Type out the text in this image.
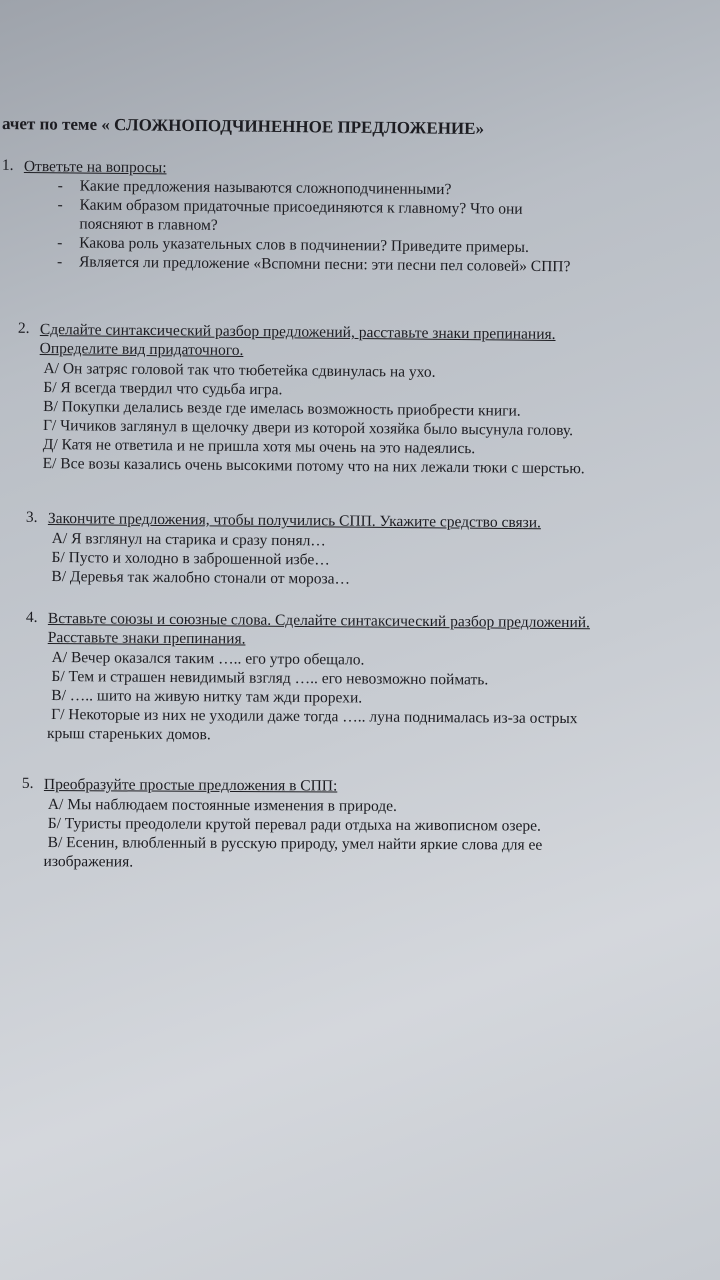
ачет по теме « СЛОЖНОПОДЧИНЕННОЕ ПРЕДЛОЖЕНИЕ»
1. Ответьте на вопросы:
- Какие предложения называются сложноподчиненными?
- Каким образом придаточные присоединяются к главному? Что они
поясняют в главном?
- Какова роль указательных слов в подчинении? Приведите примеры.
- Является ли предложение «Вспомни песни: эти песни пел соловей» СПП?
2. Сделайте синтаксический разбор предложений, расставьте знаки препинания.
Определите вид придаточного.
А/ Он затряс головой так что тюбетейка сдвинулась на ухо.
Б/ Я всегда твердил что судьба игра.
В/ Покупки делались везде где имелась возможность приобрести книги.
Г/ Чичиков заглянул в щелочку двери из которой хозяйка было высунула голову.
Д/ Катя не ответила и не пришла хотя мы очень на это надеялись.
Е/ Все возы казались очень высокими потому что на них лежали тюки с шерстью.
3. Закончите предложения, чтобы получились СПП. Укажите средство связи.
А/ Я взглянул на старика и сразу понял…
Б/ Пусто и холодно в заброшенной избе…
В/ Деревья так жалобно стонали от мороза…
4. Вставьте союзы и союзные слова. Сделайте синтаксический разбор предложений.
Расставьте знаки препинания.
А/ Вечер оказался таким ….. его утро обещало.
Б/ Тем и страшен невидимый взгляд ….. его невозможно поймать.
В/ ….. шито на живую нитку там жди прорехи.
Г/ Некоторые из них не уходили даже тогда ….. луна поднималась из-за острых
крыш стареньких домов.
5. Преобразуйте простые предложения в СПП:
А/ Мы наблюдаем постоянные изменения в природе.
Б/ Туристы преодолели крутой перевал ради отдыха на живописном озере.
В/ Есенин, влюбленный в русскую природу, умел найти яркие слова для ее
изображения.
